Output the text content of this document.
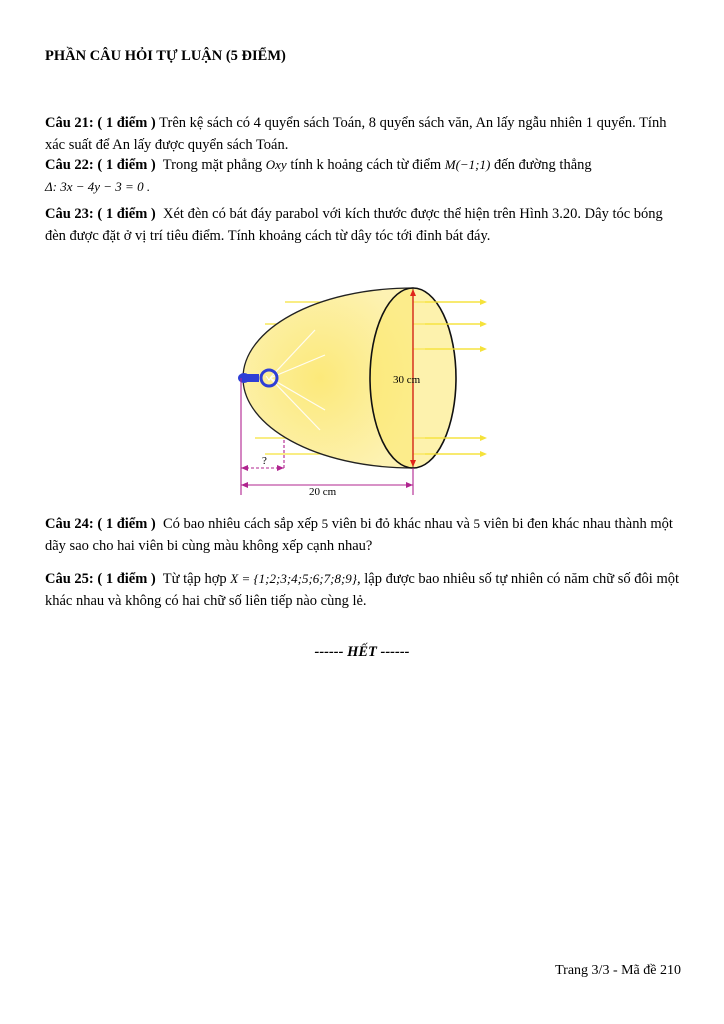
PHẦN CÂU HỎI TỰ LUẬN (5 ĐIỂM)
Câu 21: ( 1 điểm ) Trên kệ sách có 4 quyển sách Toán, 8 quyển sách văn, An lấy ngẫu nhiên 1 quyển. Tính xác suất để An lấy được quyển sách Toán.
Câu 22: ( 1 điểm ) Trong mặt phẳng Oxy tính k hoảng cách từ điểm M(−1;1) đến đường thẳng
Δ: 3x − 4y − 3 = 0 .
Câu 23: ( 1 điểm ) Xét đèn có bát đáy parabol với kích thước được thể hiện trên Hình 3.20. Dây tóc bóng đèn được đặt ở vị trí tiêu điểm. Tính khoảng cách từ dây tóc tới đỉnh bát đáy.
30 cm
?
20 cm
Câu 24: ( 1 điểm ) Có bao nhiêu cách sắp xếp 5 viên bi đỏ khác nhau và 5 viên bi đen khác nhau thành một dãy sao cho hai viên bi cùng màu không xếp cạnh nhau?
Câu 25: ( 1 điểm ) Từ tập hợp X = {1;2;3;4;5;6;7;8;9}, lập được bao nhiêu số tự nhiên có năm chữ số đôi một khác nhau và không có hai chữ số liên tiếp nào cùng lẻ.
------ HẾT ------
Trang 3/3 - Mã đề 210
